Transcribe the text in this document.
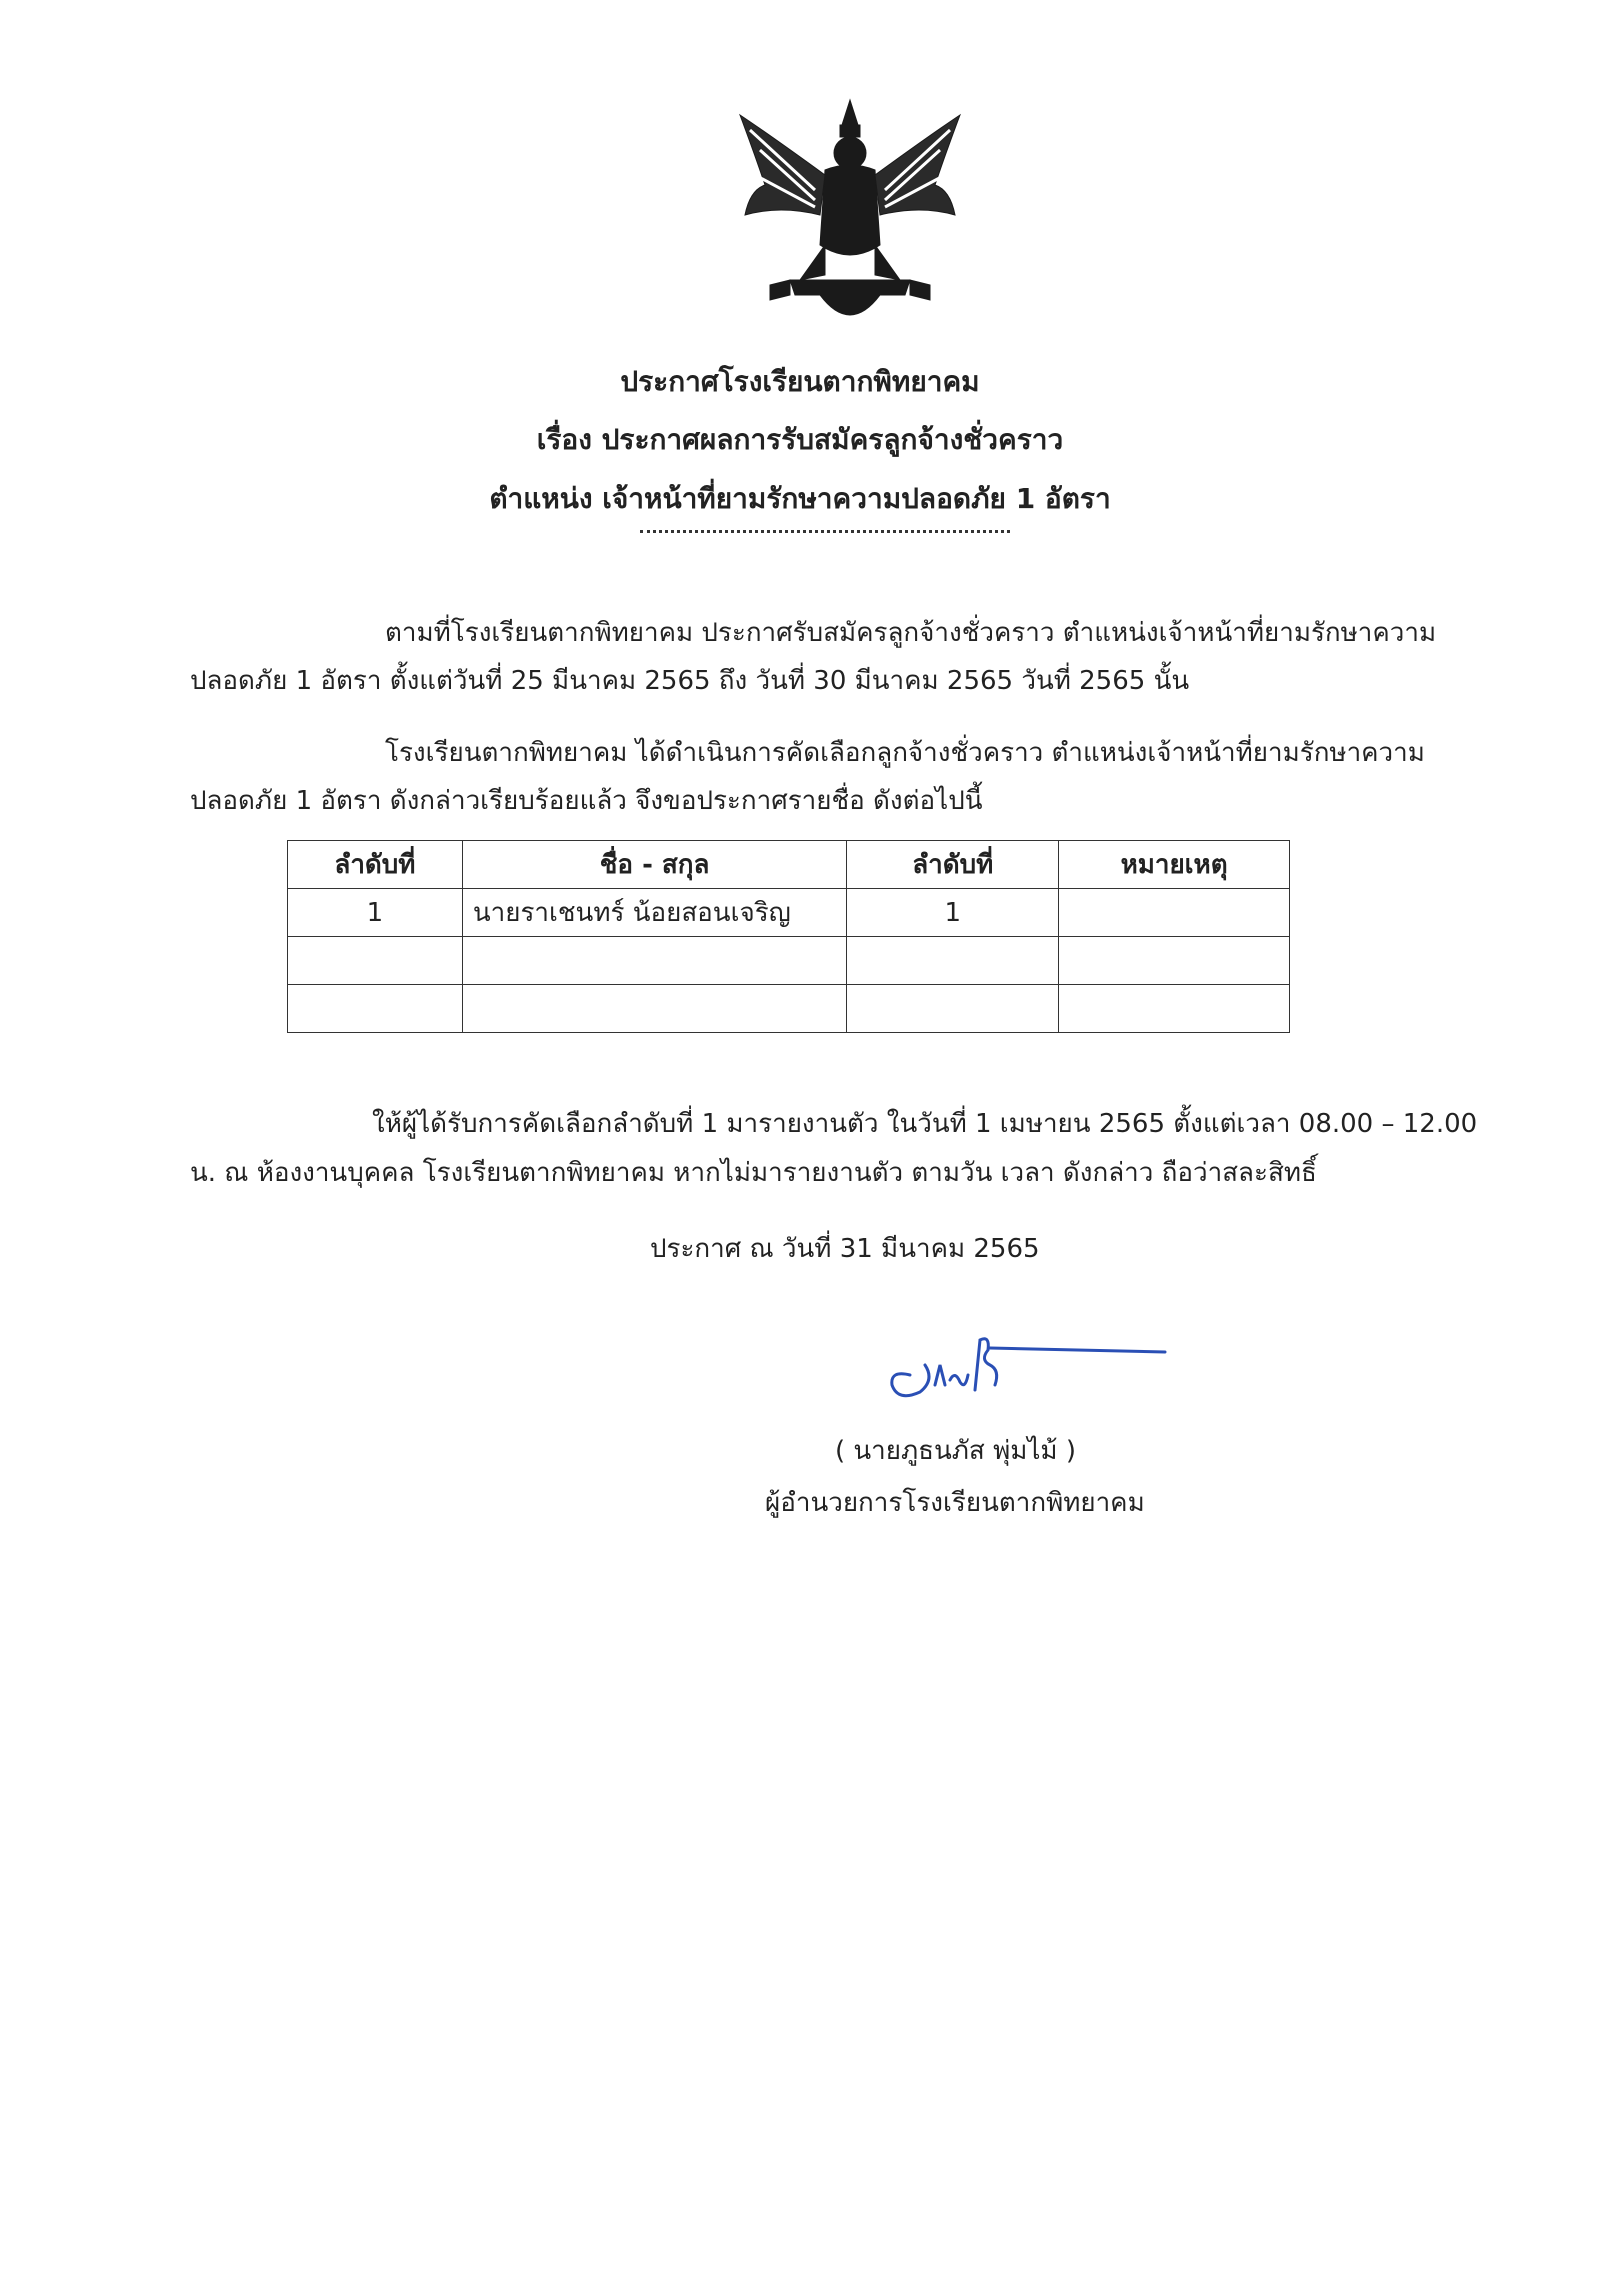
ประกาศโรงเรียนตากพิทยาคม
เรื่อง ประกาศผลการรับสมัครลูกจ้างชั่วคราว
ตำแหน่ง เจ้าหน้าที่ยามรักษาความปลอดภัย 1 อัตรา
ตามที่โรงเรียนตากพิทยาคม ประกาศรับสมัครลูกจ้างชั่วคราว ตำแหน่งเจ้าหน้าที่ยามรักษาความ
ปลอดภัย 1 อัตรา ตั้งแต่วันที่ 25 มีนาคม 2565 ถึง วันที่ 30 มีนาคม 2565 วันที่ 2565 นั้น
โรงเรียนตากพิทยาคม ได้ดำเนินการคัดเลือกลูกจ้างชั่วคราว ตำแหน่งเจ้าหน้าที่ยามรักษาความ
ปลอดภัย 1 อัตรา ดังกล่าวเรียบร้อยแล้ว จึงขอประกาศรายชื่อ ดังต่อไปนี้
ลำดับที่	ชื่อ - สกุล	ลำดับที่	หมายเหตุ
1	นายราเชนทร์ น้อยสอนเจริญ	1	

ให้ผู้ได้รับการคัดเลือกลำดับที่ 1 มารายงานตัว ในวันที่ 1 เมษายน 2565 ตั้งแต่เวลา 08.00 – 12.00
น. ณ ห้องงานบุคคล โรงเรียนตากพิทยาคม หากไม่มารายงานตัว ตามวัน เวลา ดังกล่าว ถือว่าสละสิทธิ์
ประกาศ ณ วันที่ 31 มีนาคม 2565
( นายภูธนภัส พุ่มไม้ )
ผู้อำนวยการโรงเรียนตากพิทยาคม
